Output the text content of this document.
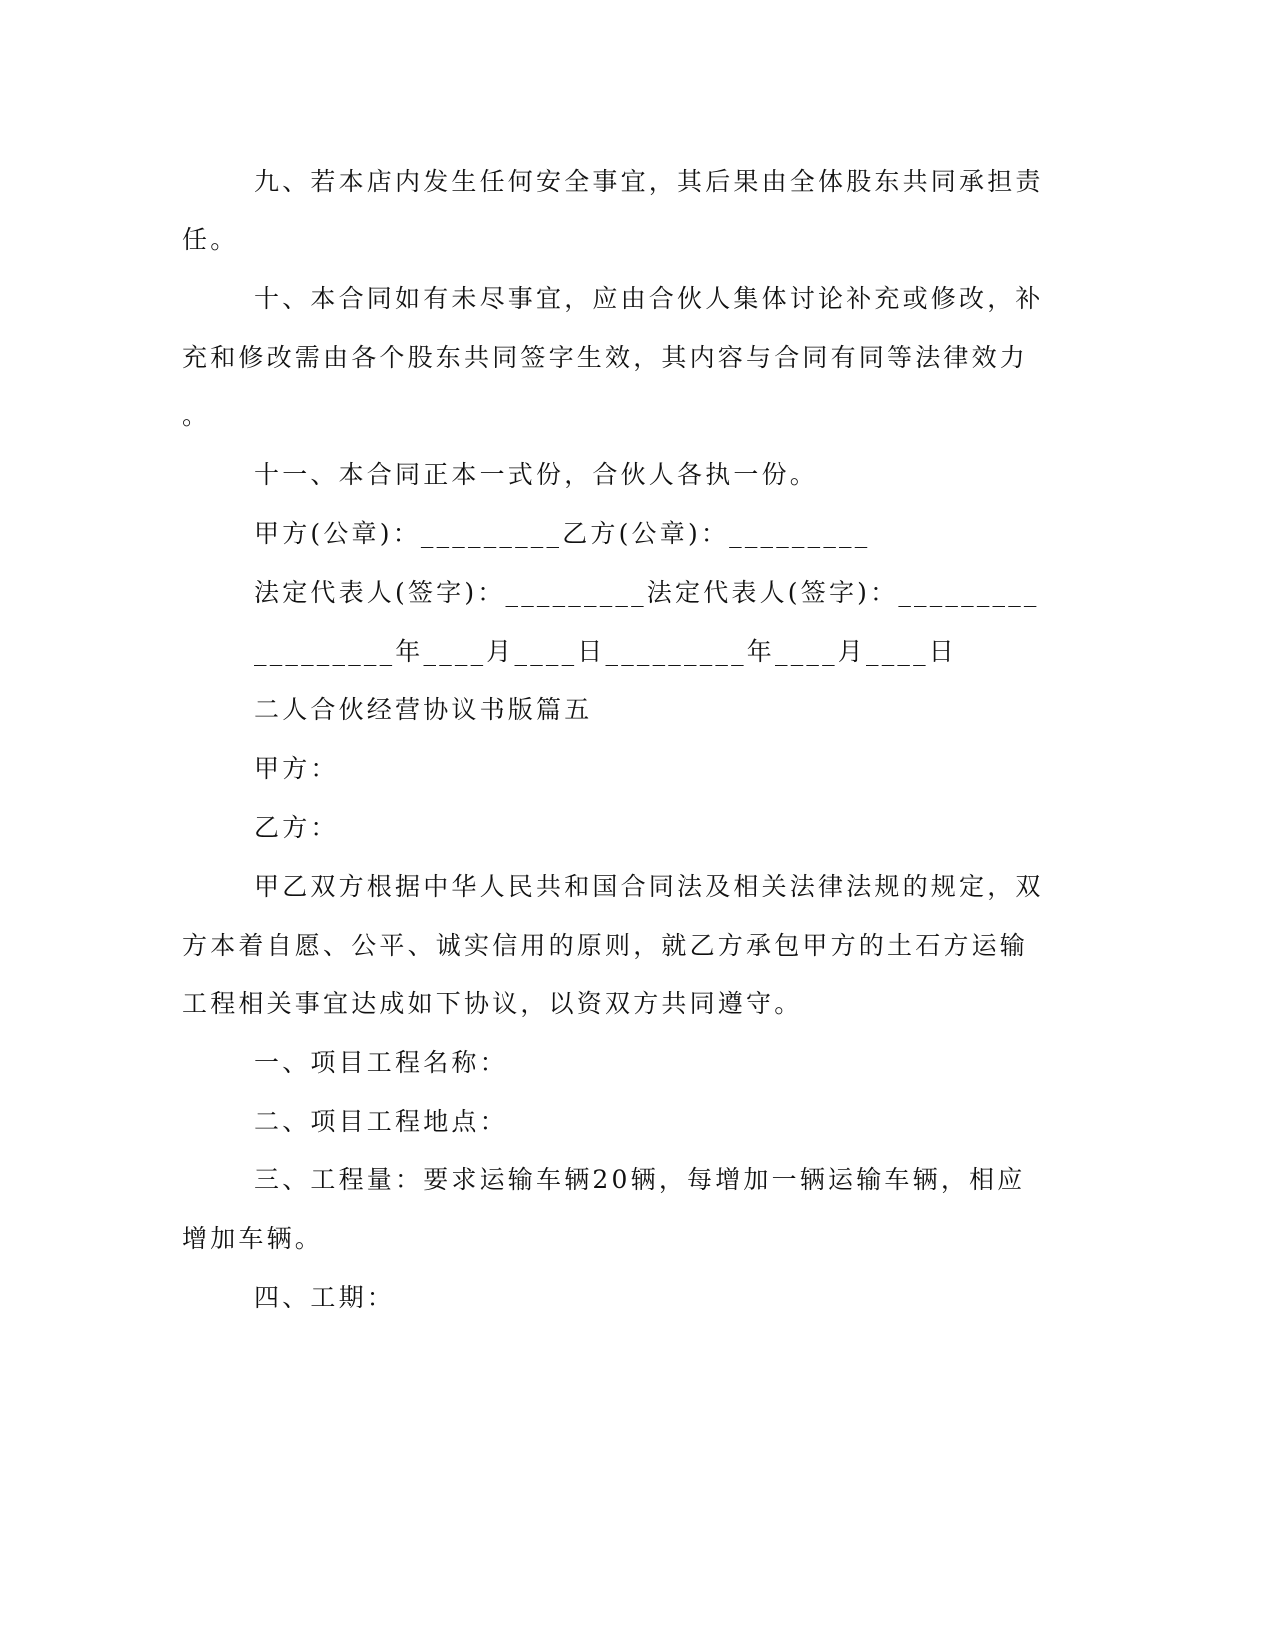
九、若本店内发生任何安全事宜，其后果由全体股东共同承担责
任。
十、本合同如有未尽事宜，应由合伙人集体讨论补充或修改，补
充和修改需由各个股东共同签字生效，其内容与合同有同等法律效力
。
十一、本合同正本一式份，合伙人各执一份。
甲方(公章)：_________乙方(公章)：_________
法定代表人(签字)：_________法定代表人(签字)：_________
_________年____月____日_________年____月____日
二人合伙经营协议书版篇五
甲方：
乙方：
甲乙双方根据中华人民共和国合同法及相关法律法规的规定，双
方本着自愿、公平、诚实信用的原则，就乙方承包甲方的土石方运输
工程相关事宜达成如下协议，以资双方共同遵守。
一、项目工程名称：
二、项目工程地点：
三、工程量：要求运输车辆20辆，每增加一辆运输车辆，相应
增加车辆。
四、工期：
